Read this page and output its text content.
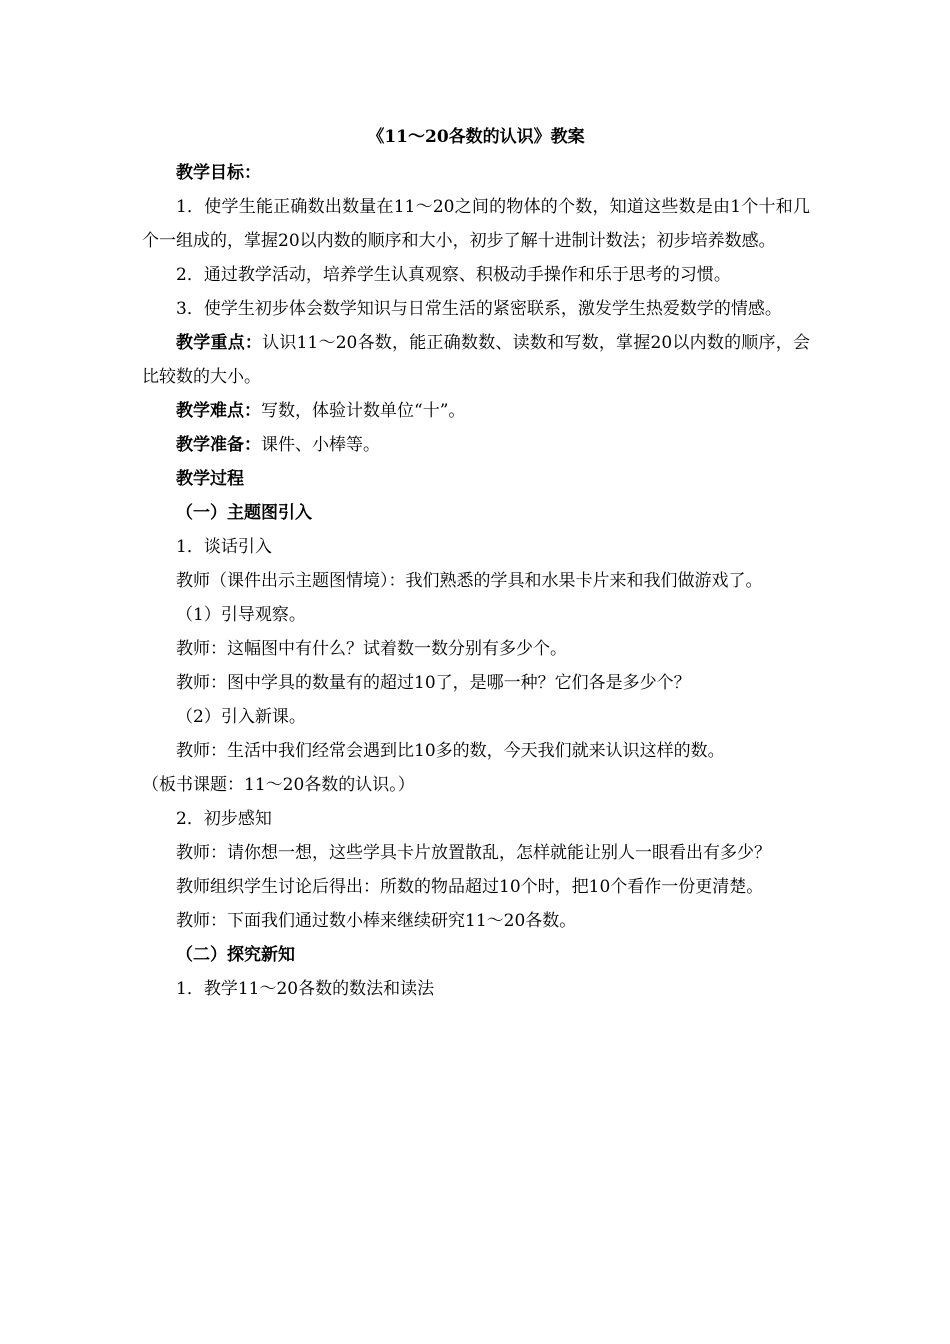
《11～20各数的认识》教案
教学目标：
1．使学生能正确数出数量在11～20之间的物体的个数，知道这些数是由1个十和几个一组成的，掌握20以内数的顺序和大小，初步了解十进制计数法；初步培养数感。
2．通过教学活动，培养学生认真观察、积极动手操作和乐于思考的习惯。
3．使学生初步体会数学知识与日常生活的紧密联系，激发学生热爱数学的情感。
教学重点：认识11～20各数，能正确数数、读数和写数，掌握20以内数的顺序，会比较数的大小。
教学难点：写数，体验计数单位“十”。
教学准备：课件、小棒等。
教学过程
（一）主题图引入
1．谈话引入
教师（课件出示主题图情境）：我们熟悉的学具和水果卡片来和我们做游戏了。
（1）引导观察。
教师：这幅图中有什么？试着数一数分别有多少个。
教师：图中学具的数量有的超过10了，是哪一种？它们各是多少个？
（2）引入新课。
教师：生活中我们经常会遇到比10多的数，今天我们就来认识这样的数。
（板书课题：11～20各数的认识。）
2．初步感知
教师：请你想一想，这些学具卡片放置散乱，怎样就能让别人一眼看出有多少？
教师组织学生讨论后得出：所数的物品超过10个时，把10个看作一份更清楚。
教师：下面我们通过数小棒来继续研究11～20各数。
（二）探究新知
1．教学11～20各数的数法和读法
